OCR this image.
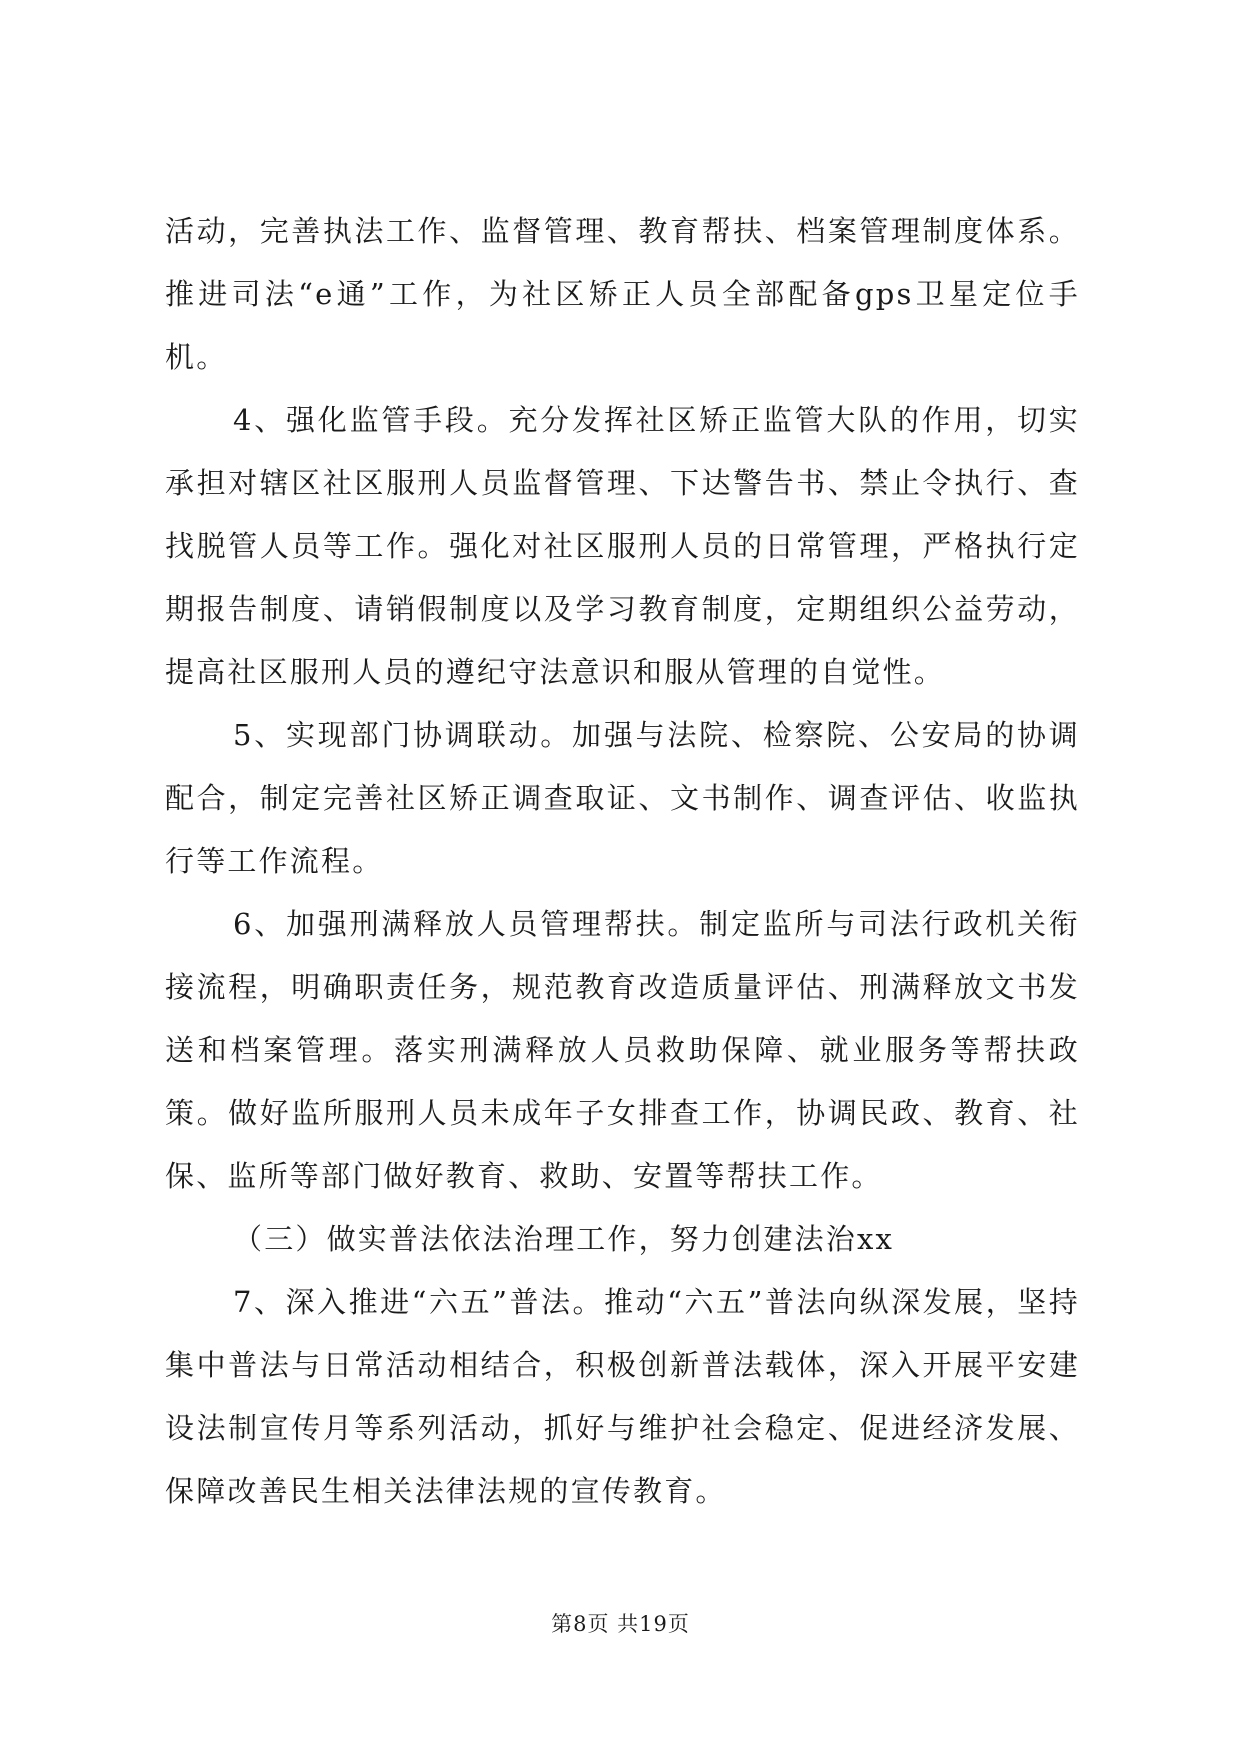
活动，完善执法工作、监督管理、教育帮扶、档案管理制度体系。推进司法“e通”工作，为社区矫正人员全部配备gps卫星定位手机。

4、强化监管手段。充分发挥社区矫正监管大队的作用，切实承担对辖区社区服刑人员监督管理、下达警告书、禁止令执行、查找脱管人员等工作。强化对社区服刑人员的日常管理，严格执行定期报告制度、请销假制度以及学习教育制度，定期组织公益劳动，提高社区服刑人员的遵纪守法意识和服从管理的自觉性。

5、实现部门协调联动。加强与法院、检察院、公安局的协调配合，制定完善社区矫正调查取证、文书制作、调查评估、收监执行等工作流程。

6、加强刑满释放人员管理帮扶。制定监所与司法行政机关衔接流程，明确职责任务，规范教育改造质量评估、刑满释放文书发送和档案管理。落实刑满释放人员救助保障、就业服务等帮扶政策。做好监所服刑人员未成年子女排查工作，协调民政、教育、社保、监所等部门做好教育、救助、安置等帮扶工作。

（三）做实普法依法治理工作，努力创建法治xx

7、深入推进“六五”普法。推动“六五”普法向纵深发展，坚持集中普法与日常活动相结合，积极创新普法载体，深入开展平安建设法制宣传月等系列活动，抓好与维护社会稳定、促进经济发展、保障改善民生相关法律法规的宣传教育。

第8页 共19页
